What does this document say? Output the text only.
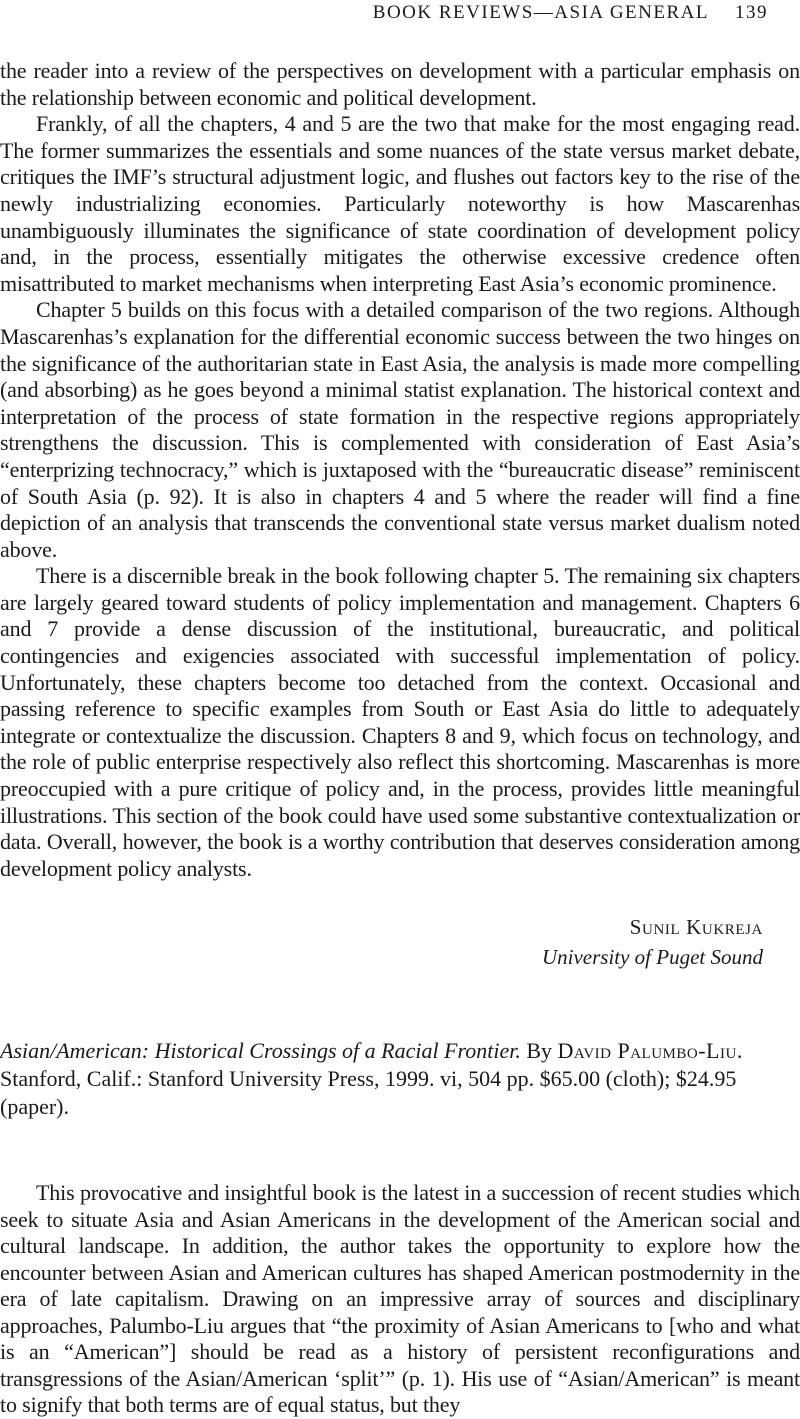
BOOK REVIEWS—ASIA GENERAL 139

the reader into a review of the perspectives on development with a particular emphasis on the relationship between economic and political development.

Frankly, of all the chapters, 4 and 5 are the two that make for the most engaging read. The former summarizes the essentials and some nuances of the state versus market debate, critiques the IMF’s structural adjustment logic, and flushes out factors key to the rise of the newly industrializing economies. Particularly noteworthy is how Mascarenhas unambiguously illuminates the significance of state coordination of development policy and, in the process, essentially mitigates the otherwise excessive credence often misattributed to market mechanisms when interpreting East Asia’s economic prominence.

Chapter 5 builds on this focus with a detailed comparison of the two regions. Although Mascarenhas’s explanation for the differential economic success between the two hinges on the significance of the authoritarian state in East Asia, the analysis is made more compelling (and absorbing) as he goes beyond a minimal statist explanation. The historical context and interpretation of the process of state formation in the respective regions appropriately strengthens the discussion. This is complemented with consideration of East Asia’s “enterprizing technocracy,” which is juxtaposed with the “bureaucratic disease” reminiscent of South Asia (p. 92). It is also in chapters 4 and 5 where the reader will find a fine depiction of an analysis that transcends the conventional state versus market dualism noted above.

There is a discernible break in the book following chapter 5. The remaining six chapters are largely geared toward students of policy implementation and management. Chapters 6 and 7 provide a dense discussion of the institutional, bureaucratic, and political contingencies and exigencies associated with successful implementation of policy. Unfortunately, these chapters become too detached from the context. Occasional and passing reference to specific examples from South or East Asia do little to adequately integrate or contextualize the discussion. Chapters 8 and 9, which focus on technology, and the role of public enterprise respectively also reflect this shortcoming. Mascarenhas is more preoccupied with a pure critique of policy and, in the process, provides little meaningful illustrations. This section of the book could have used some substantive contextualization or data. Overall, however, the book is a worthy contribution that deserves consideration among development policy analysts.

Sunil Kukreja
University of Puget Sound
Asian/American: Historical Crossings of a Racial Frontier. By David Palumbo-Liu. Stanford, Calif.: Stanford University Press, 1999. vi, 504 pp. $65.00 (cloth); $24.95 (paper).

This provocative and insightful book is the latest in a succession of recent studies which seek to situate Asia and Asian Americans in the development of the American social and cultural landscape. In addition, the author takes the opportunity to explore how the encounter between Asian and American cultures has shaped American postmodernity in the era of late capitalism. Drawing on an impressive array of sources and disciplinary approaches, Palumbo-Liu argues that “the proximity of Asian Americans to [who and what is an “American”] should be read as a history of persistent reconfigurations and transgressions of the Asian/American ‘split’” (p. 1). His use of “Asian/American” is meant to signify that both terms are of equal status, but they
